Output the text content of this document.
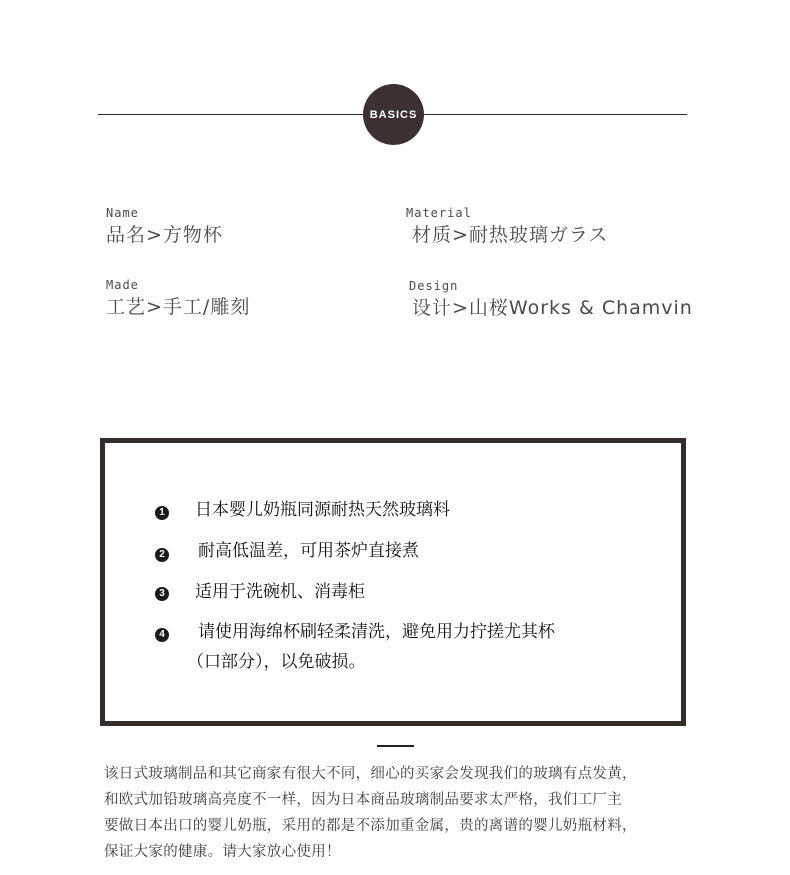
BASICS
Name
品名>方物杯
Material
材质>耐热玻璃ガラス
Made
工艺>手工/雕刻
Design
设计>山桜Works & Chamvin
1 日本婴儿奶瓶同源耐热天然玻璃料
2 耐高低温差，可用茶炉直接煮
3 适用于洗碗机、消毒柜
4 请使用海绵杯刷轻柔清洗，避免用力拧搓尤其杯
（口部分），以免破损。
该日式玻璃制品和其它商家有很大不同，细心的买家会发现我们的玻璃有点发黄，
和欧式加铅玻璃高亮度不一样，因为日本商品玻璃制品要求太严格，我们工厂主
要做日本出口的婴儿奶瓶，采用的都是不添加重金属，贵的离谱的婴儿奶瓶材料，
保证大家的健康。请大家放心使用！
